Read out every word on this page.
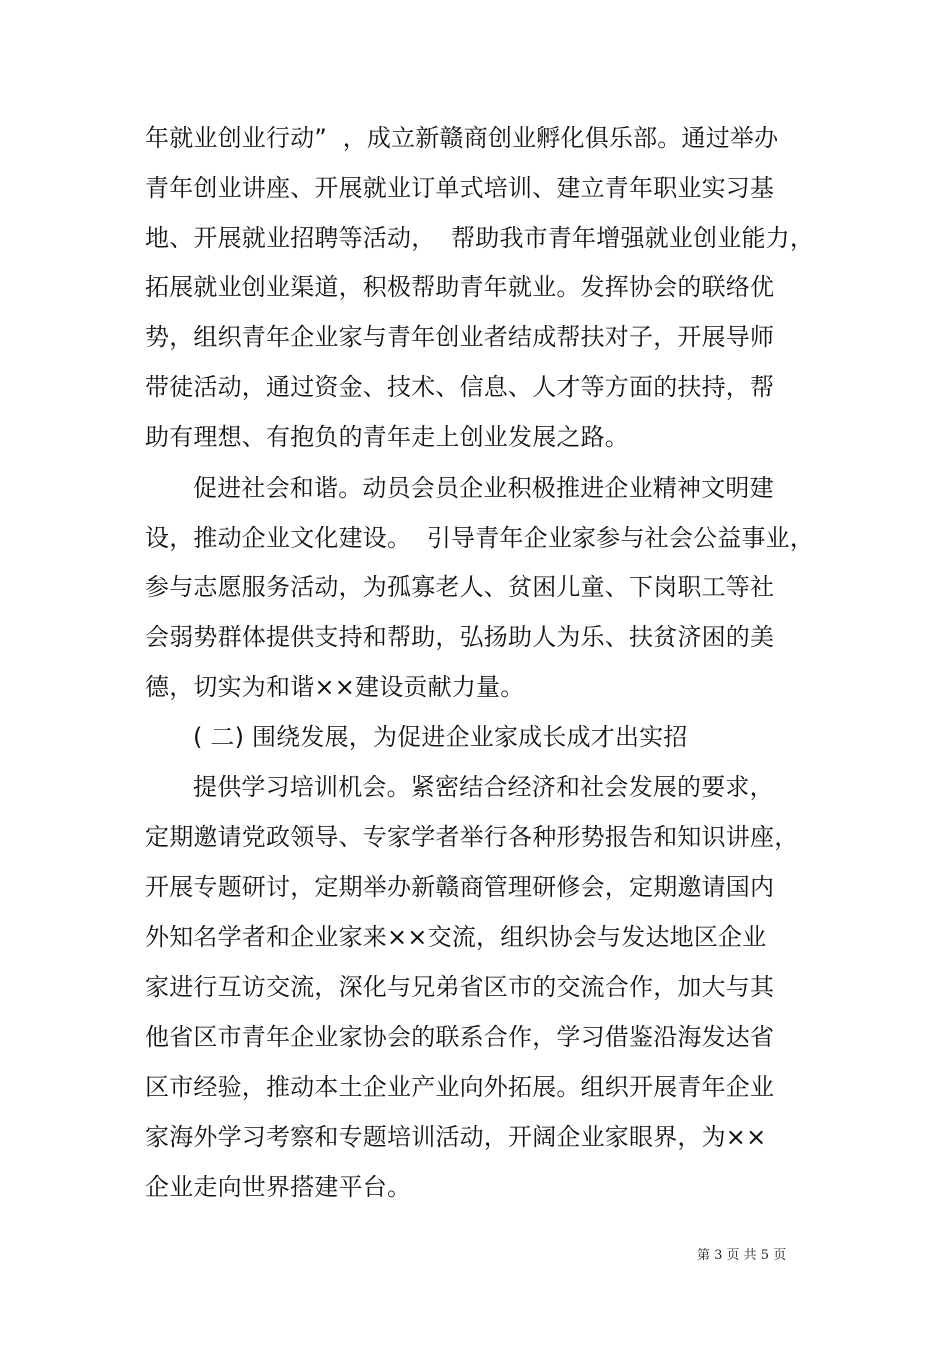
年就业创业行动”  ，成立新赣商创业孵化俱乐部。通过举办
青年创业讲座、开展就业订单式培训、建立青年职业实习基
地、开展就业招聘等活动，  帮助我市青年增强就业创业能力，
拓展就业创业渠道，积极帮助青年就业。发挥协会的联络优
势，组织青年企业家与青年创业者结成帮扶对子，开展导师
带徒活动，通过资金、技术、信息、人才等方面的扶持，帮
助有理想、有抱负的青年走上创业发展之路。
促进社会和谐。动员会员企业积极推进企业精神文明建
设，推动企业文化建设。  引导青年企业家参与社会公益事业，
参与志愿服务活动，为孤寡老人、贫困儿童、下岗职工等社
会弱势群体提供支持和帮助，弘扬助人为乐、扶贫济困的美
德，切实为和谐××建设贡献力量。
( 二) 围绕发展，为促进企业家成长成才出实招
提供学习培训机会。紧密结合经济和社会发展的要求，
定期邀请党政领导、专家学者举行各种形势报告和知识讲座，
开展专题研讨，定期举办新赣商管理研修会，定期邀请国内
外知名学者和企业家来××交流，组织协会与发达地区企业
家进行互访交流，深化与兄弟省区市的交流合作，加大与其
他省区市青年企业家协会的联系合作，学习借鉴沿海发达省
区市经验，推动本土企业产业向外拓展。组织开展青年企业
家海外学习考察和专题培训活动，开阔企业家眼界，为××
企业走向世界搭建平台。
第 3 页 共 5 页
